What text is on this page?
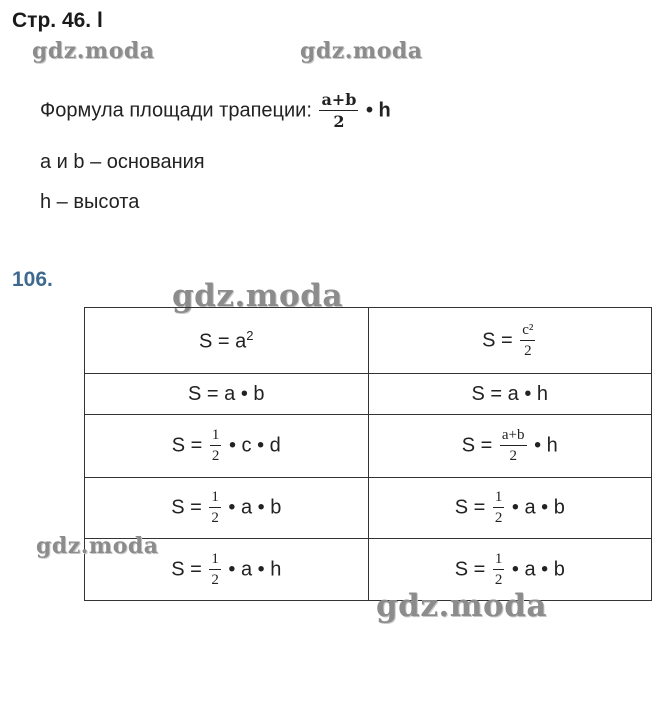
Стр. 46. l
gdz.moda	gdz.moda
Формула площади трапеции: $\frac{a+b}{2}$ • h
a и b – основания
h – высота
106.	gdz.moda
$S = a^2$	$S = \frac{\text{c²}}{2}$

S = a • b	S = a • h
$S = \frac{1}{2}$ • c • d	$S = \frac{a+b}{2}$ • h
$S = \frac{1}{2}$ • a • b	$S = \frac{1}{2}$ • a • b
$S = \frac{1}{2}$ • a • h	$S = \frac{1}{2}$ • a • b
gdz.moda
gdz.moda
